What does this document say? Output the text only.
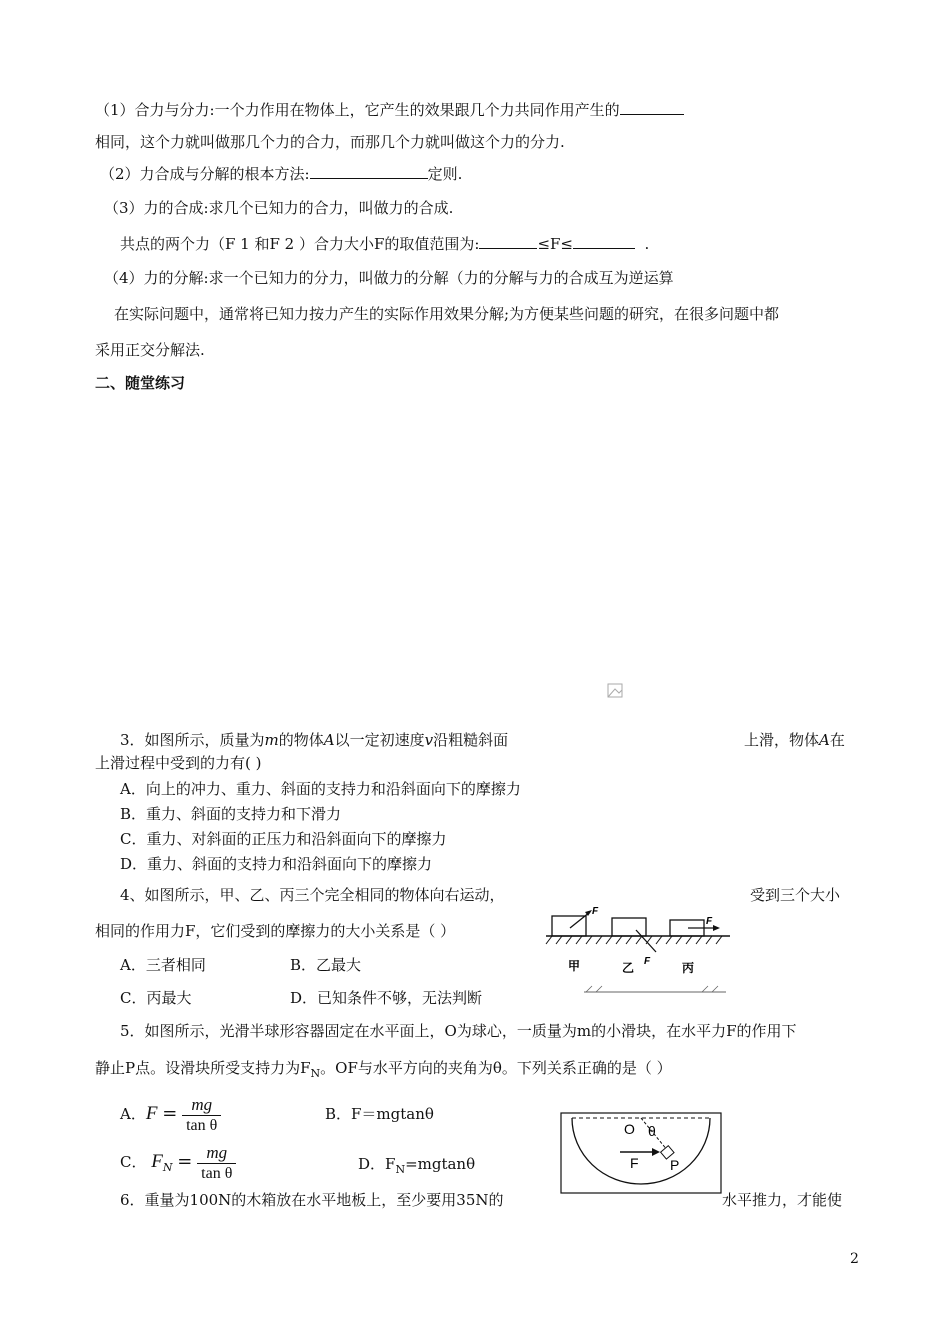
（1）合力与分力:一个力作用在物体上，它产生的效果跟几个力共同作用产生的
相同，这个力就叫做那几个力的合力，而那几个力就叫做这个力的分力.
（2）力合成与分解的根本方法:	定则.
（3）力的合成:求几个已知力的合力，叫做力的合成.
共点的两个力（F 1 和F 2 ）合力大小F的取值范围为:	≤F≤	.
（4）力的分解:求一个已知力的分力，叫做力的分解（力的分解与力的合成互为逆运算
在实际问题中，通常将已知力按力产生的实际作用效果分解;为方便某些问题的研究，在很多问题中都
采用正交分解法.
二、随堂练习
3．如图所示，质量为m的物体A以一定初速度v沿粗糙斜面	上滑，物体A在
上滑过程中受到的力有( )
A．向上的冲力、重力、斜面的支持力和沿斜面向下的摩擦力
B．重力、斜面的支持力和下滑力
C．重力、对斜面的正压力和沿斜面向下的摩擦力
D．重力、斜面的支持力和沿斜面向下的摩擦力
4、如图所示，甲、乙、丙三个完全相同的物体向右运动，	受到三个大小
相同的作用力F，它们受到的摩擦力的大小关系是（ ）
A．三者相同	B．乙最大
C．丙最大	D．已知条件不够，无法判断
F
F
F
甲	乙	丙
5．如图所示，光滑半球形容器固定在水平面上，O为球心，一质量为m的小滑块，在水平力F的作用下
静止P点。设滑块所受支持力为$F_N$。OF与水平方向的夹角为θ。下列关系正确的是（ ）
A．$F = \frac{mg}{\text{tan θ}}$	B．F＝mgtanθ
C． $F_N = \frac{mg}{\text{tan θ}}$	D．$F_N=mgtan\theta$
O θ
F P
6．重量为100N的木箱放在水平地板上，至少要用35N的	水平推力，才能使
2
